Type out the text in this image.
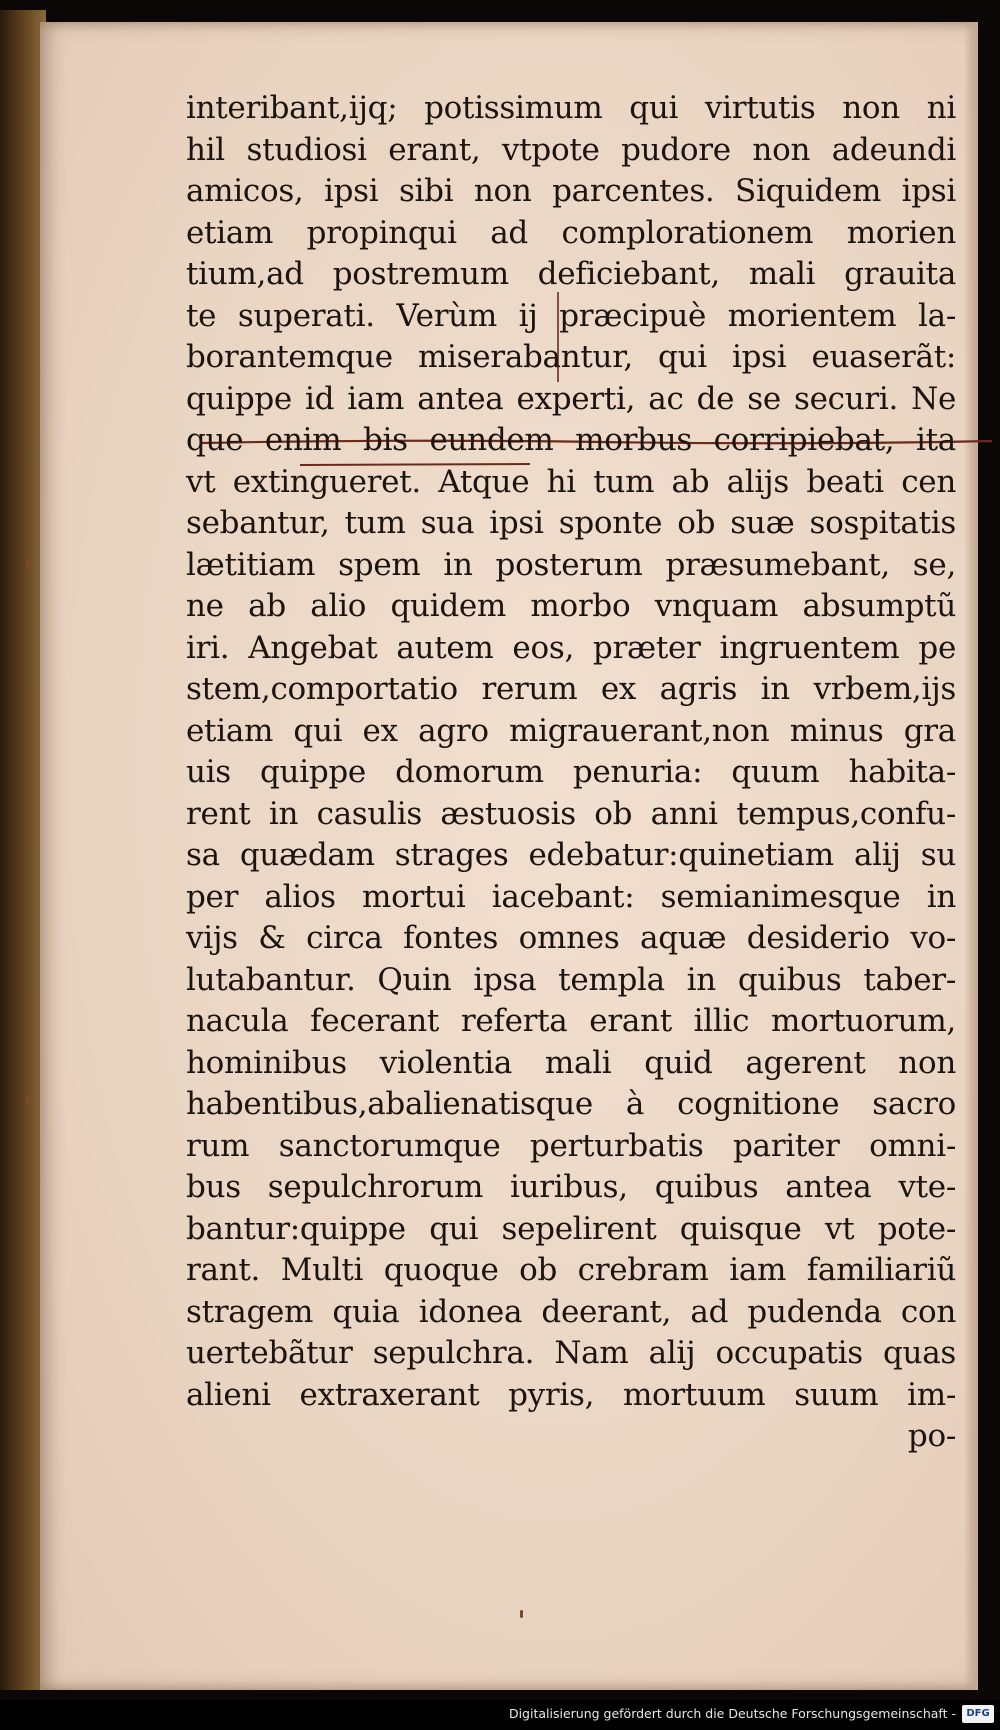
interibant,ijq; potissimum qui virtutis non ni
hil studiosi erant, vtpote pudore non adeundi
amicos, ipsi sibi non parcentes. Siquidem ipsi
etiam propinqui ad complorationem morien
tium,ad postremum deficiebant, mali grauita
te superati. Verùm ij præcipuè morientem la-
borantemque miserabantur, qui ipsi euaserãt:
quippe id iam antea experti, ac de se securi. Ne
que enim bis eundem morbus corripiebat, ita
vt extingueret. Atque hi tum ab alijs beati cen
sebantur, tum sua ipsi sponte ob suæ sospitatis
lætitiam spem in posterum præsumebant, se,
ne ab alio quidem morbo vnquam absumptũ
iri. Angebat autem eos, præter ingruentem pe
stem,comportatio rerum ex agris in vrbem,ijs
etiam qui ex agro migrauerant,non minus gra
uis quippe domorum penuria: quum habita-
rent in casulis æstuosis ob anni tempus,confu-
sa quædam strages edebatur:quinetiam alij su
per alios mortui iacebant: semianimesque in
vijs & circa fontes omnes aquæ desiderio vo-
lutabantur. Quin ipsa templa in quibus taber-
nacula fecerant referta erant illic mortuorum,
hominibus violentia mali quid agerent non
habentibus,abalienatisque à cognitione sacro
rum sanctorumque perturbatis pariter omni-
bus sepulchrorum iuribus, quibus antea vte-
bantur:quippe qui sepelirent quisque vt pote-
rant. Multi quoque ob crebram iam familiariũ
stragem quia idonea deerant, ad pudenda con
uertebãtur sepulchra. Nam alij occupatis quas
alieni extraxerant pyris, mortuum suum im-
po-
Digitalisierung gefördert durch die Deutsche Forschungsgemeinschaft -	DFG
